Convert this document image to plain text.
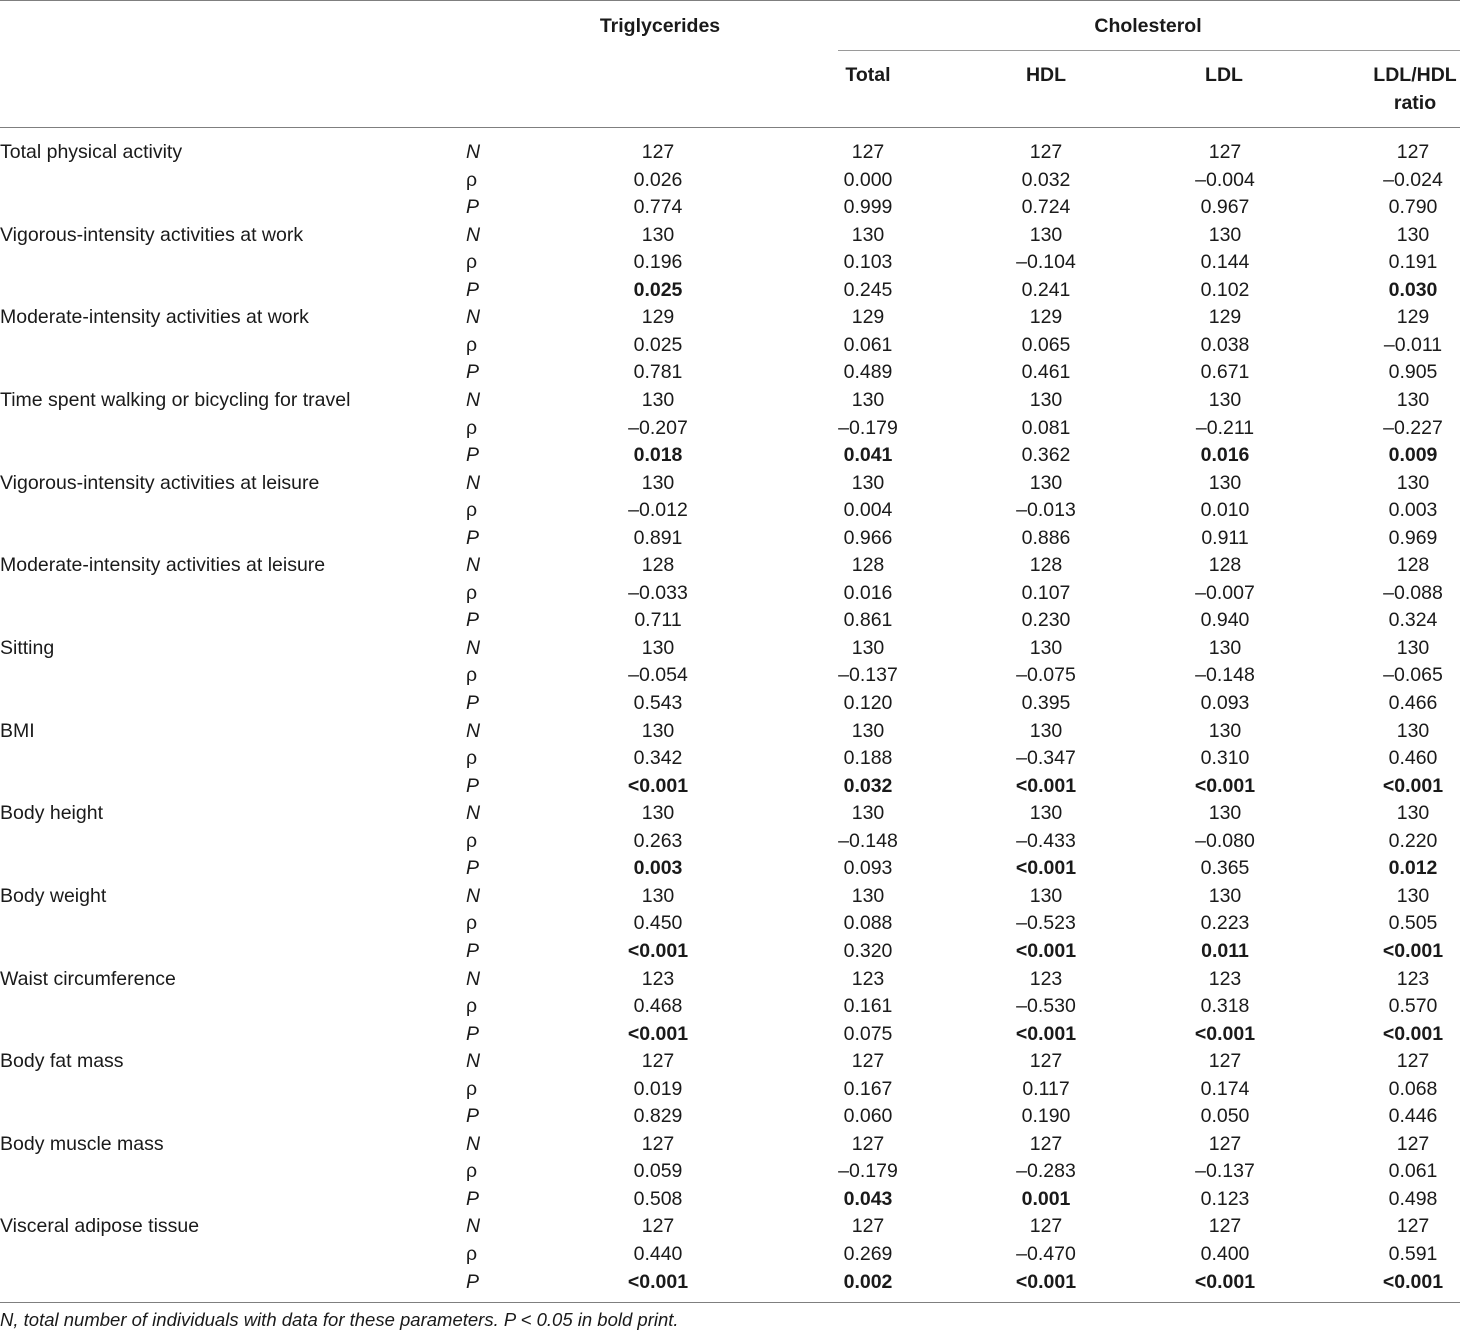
Triglycerides	Cholesterol
Total	HDL	LDL	LDL/HDL
ratio
Total physical activity	N	127	127	127	127	127
ρ	0.026	0.000	0.032	–0.004	–0.024
P	0.774	0.999	0.724	0.967	0.790
Vigorous-intensity activities at work	N	130	130	130	130	130
ρ	0.196	0.103	–0.104	0.144	0.191
P	0.025	0.245	0.241	0.102	0.030
Moderate-intensity activities at work	N	129	129	129	129	129
ρ	0.025	0.061	0.065	0.038	–0.011
P	0.781	0.489	0.461	0.671	0.905
Time spent walking or bicycling for travel	N	130	130	130	130	130
ρ	–0.207	–0.179	0.081	–0.211	–0.227
P	0.018	0.041	0.362	0.016	0.009
Vigorous-intensity activities at leisure	N	130	130	130	130	130
ρ	–0.012	0.004	–0.013	0.010	0.003
P	0.891	0.966	0.886	0.911	0.969
Moderate-intensity activities at leisure	N	128	128	128	128	128
ρ	–0.033	0.016	0.107	–0.007	–0.088
P	0.711	0.861	0.230	0.940	0.324
Sitting	N	130	130	130	130	130
ρ	–0.054	–0.137	–0.075	–0.148	–0.065
P	0.543	0.120	0.395	0.093	0.466
BMI	N	130	130	130	130	130
ρ	0.342	0.188	–0.347	0.310	0.460
P	<0.001	0.032	<0.001	<0.001	<0.001
Body height	N	130	130	130	130	130
ρ	0.263	–0.148	–0.433	–0.080	0.220
P	0.003	0.093	<0.001	0.365	0.012
Body weight	N	130	130	130	130	130
ρ	0.450	0.088	–0.523	0.223	0.505
P	<0.001	0.320	<0.001	0.011	<0.001
Waist circumference	N	123	123	123	123	123
ρ	0.468	0.161	–0.530	0.318	0.570
P	<0.001	0.075	<0.001	<0.001	<0.001
Body fat mass	N	127	127	127	127	127
ρ	0.019	0.167	0.117	0.174	0.068
P	0.829	0.060	0.190	0.050	0.446
Body muscle mass	N	127	127	127	127	127
ρ	0.059	–0.179	–0.283	–0.137	0.061
P	0.508	0.043	0.001	0.123	0.498
Visceral adipose tissue	N	127	127	127	127	127
ρ	0.440	0.269	–0.470	0.400	0.591
P	<0.001	0.002	<0.001	<0.001	<0.001
N, total number of individuals with data for these parameters. P < 0.05 in bold print.
